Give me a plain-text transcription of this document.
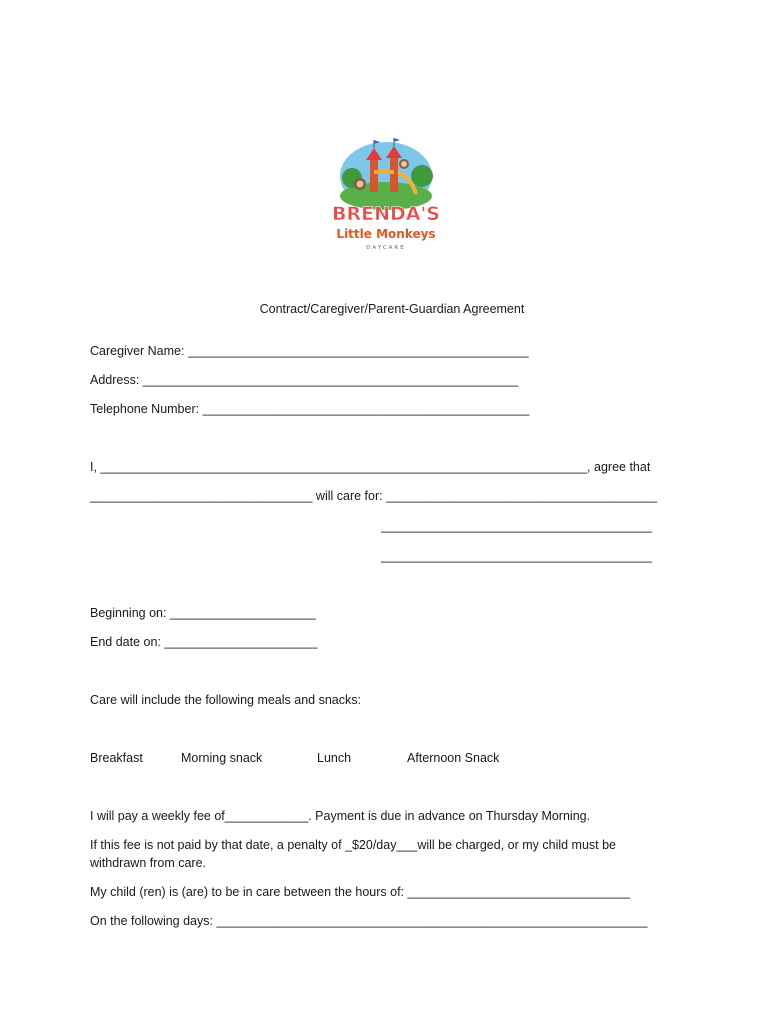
BRENDA'S
Little Monkeys
DAYCARE

Contract/Caregiver/Parent-Guardian Agreement

Caregiver Name: _________________________________________________
Address: ______________________________________________________
Telephone Number: _______________________________________________
I, ______________________________________________________________________, agree that
________________________________ will care for: _______________________________________
_______________________________________
_______________________________________
Beginning on: _____________________
End date on: ______________________
Care will include the following meals and snacks:
Breakfast	Morning snack	Lunch	Afternoon Snack
I will pay a weekly fee of____________. Payment is due in advance on Thursday Morning.
If this fee is not paid by that date, a penalty of _$20/day___will be charged, or my child must be
withdrawn from care.
My child (ren) is (are) to be in care between the hours of: ________________________________
On the following days: ______________________________________________________________
